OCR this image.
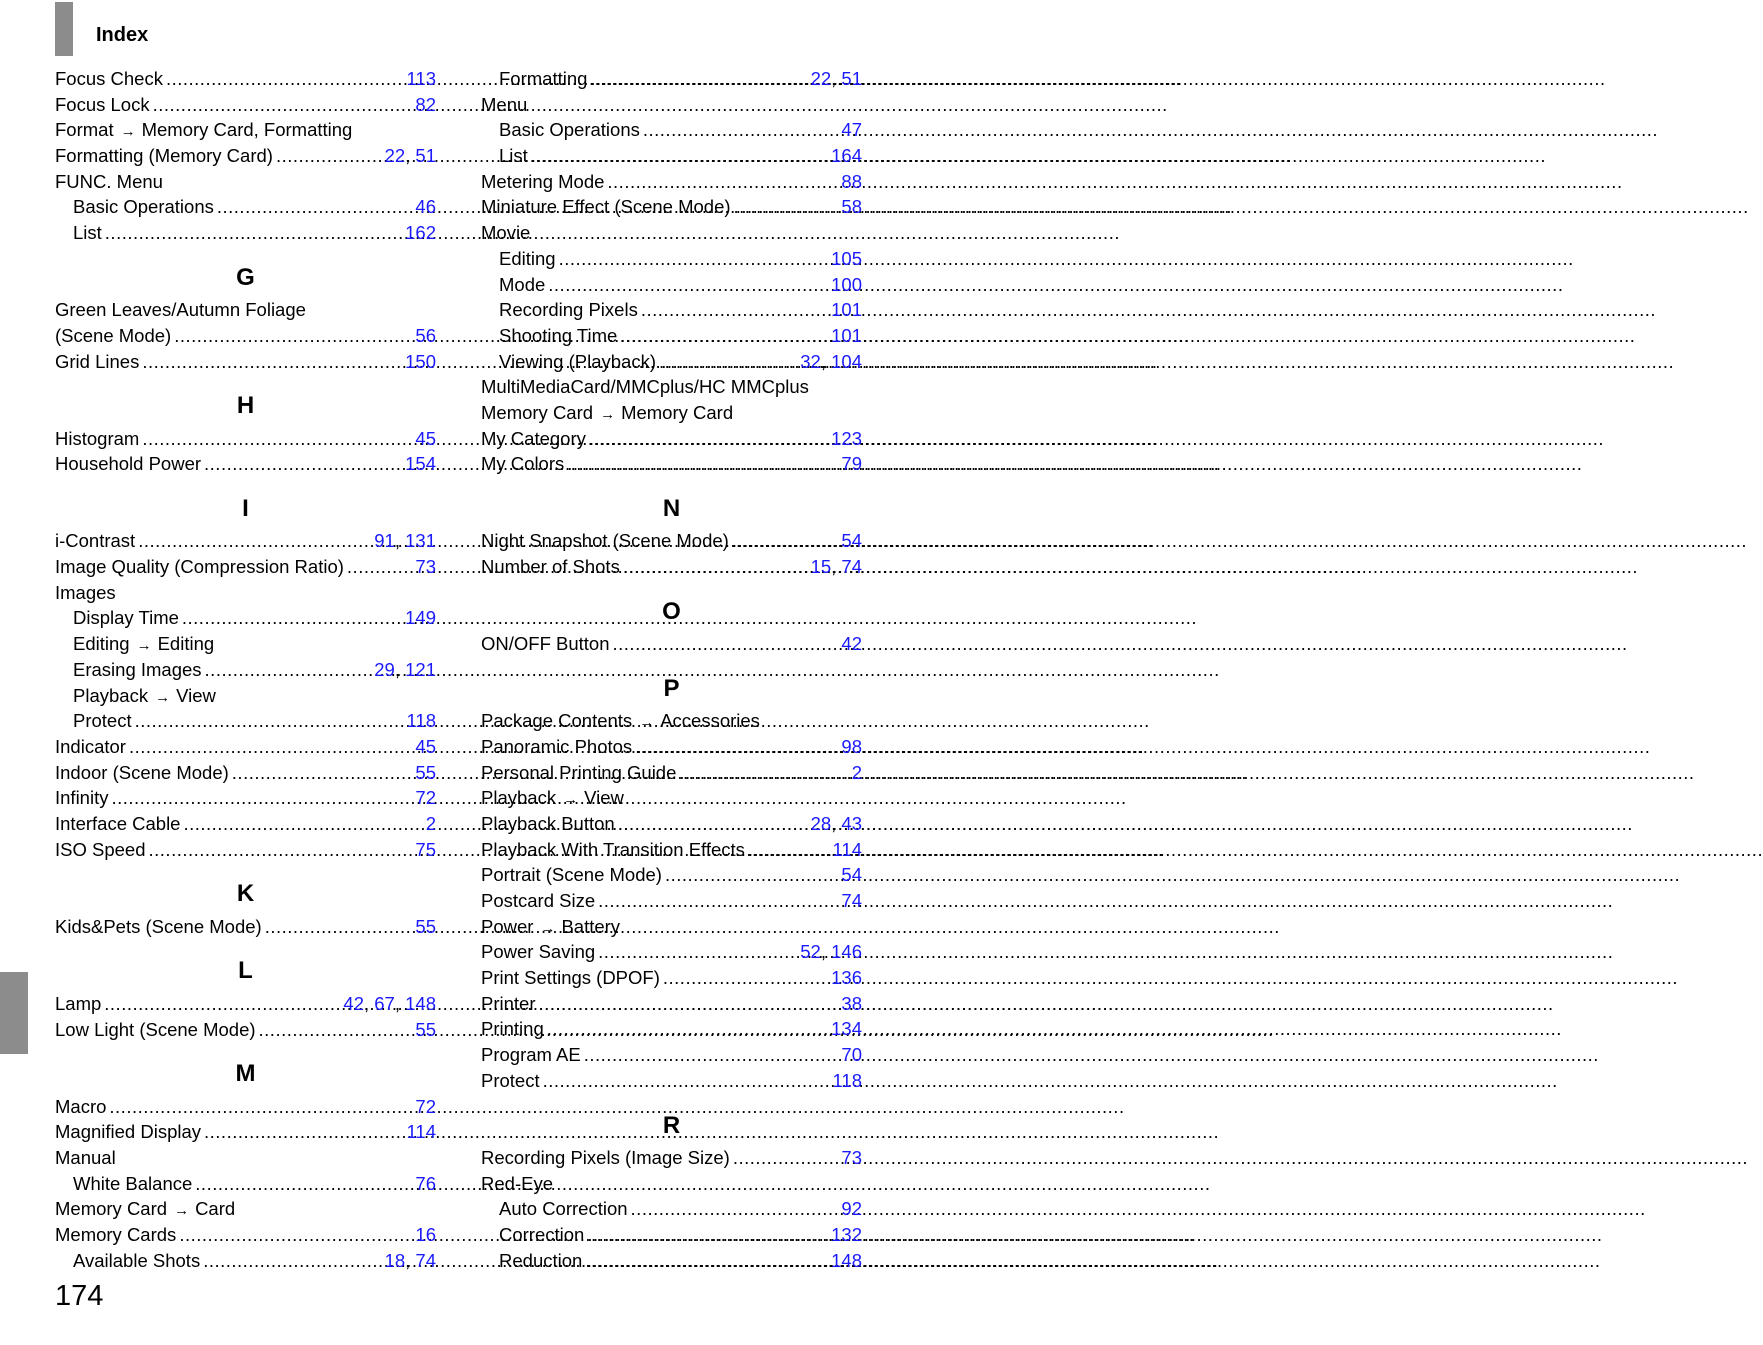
Index
Focus Check .....	113
Focus Lock .....	82
Format → Memory Card, Formatting
Formatting (Memory Card) .....	22, 51
FUNC. Menu
Basic Operations .....	46
List .....	162
G
Green Leaves/Autumn Foliage
(Scene Mode) .....	56
Grid Lines .....	150
H
Histogram .....	45
Household Power .....	154
I
i-Contrast .....	91, 131
Image Quality (Compression Ratio) .....	73
Images
Display Time .....	149
Editing → Editing
Erasing Images .....	29, 121
Playback → View
Protect .....	118
Indicator .....	45
Indoor (Scene Mode) .....	55
Infinity .....	72
Interface Cable .....	2
ISO Speed .....	75
K
Kids&Pets (Scene Mode) .....	55
L
Lamp .....	42, 67, 148
Low Light (Scene Mode) .....	55
M
Macro .....	72
Magnified Display .....	114
Manual
White Balance .....	76
Memory Card → Card
Memory Cards .....	16
Available Shots .....	18, 74
Formatting .....	22, 51
Menu
Basic Operations .....	47
List .....	164
Metering Mode .....	88
Miniature Effect (Scene Mode) .....	58
Movie
Editing .....	105
Mode .....	100
Recording Pixels .....	101
Shooting Time .....	101
Viewing (Playback) .....	32, 104
MultiMediaCard/MMCplus/HC MMCplus
Memory Card → Memory Card
My Category .....	123
My Colors .....	79
N
Night Snapshot (Scene Mode) .....	54
Number of Shots .....	15, 74
O
ON/OFF Button .....	42
P
Package Contents → Accessories
Panoramic Photos .....	98
Personal Printing Guide .....	2
Playback → View
Playback Button .....	28, 43
Playback With Transition Effects .....	114
Portrait (Scene Mode) .....	54
Postcard Size .....	74
Power → Battery
Power Saving .....	52, 146
Print Settings (DPOF) .....	136
Printer .....	38
Printing .....	134
Program AE .....	70
Protect .....	118
R
Recording Pixels (Image Size) .....	73
Red-Eye
Auto Correction .....	92
Correction .....	132
Reduction .....	148
174
